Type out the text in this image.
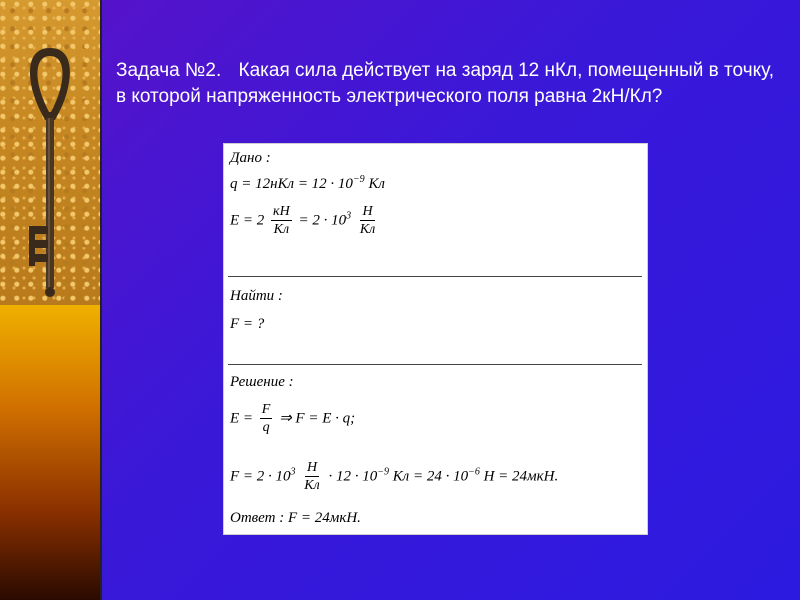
Задача №2. Какая сила действует на заряд 12 нКл, помещенный в точку, в которой напряженность электрического поля равна 2кН/Кл?
Дано :
$q = 12нКл = 12 \cdot 10^{-9}$ Кл
$E = 2 \frac{кН}{Кл} = 2 \cdot 10^3 \frac{Н}{Кл}$
Найти :
F = ?
Решение :
$E = \frac{F}{q}$ ⇒ F = E · q;
$F = 2 \cdot 10^3 \frac{Н}{Кл} \cdot 12 \cdot 10^{-9}$ Кл = $24 \cdot 10^{-6}$ Н = 24мкН.
Ответ : F = 24мкН.
